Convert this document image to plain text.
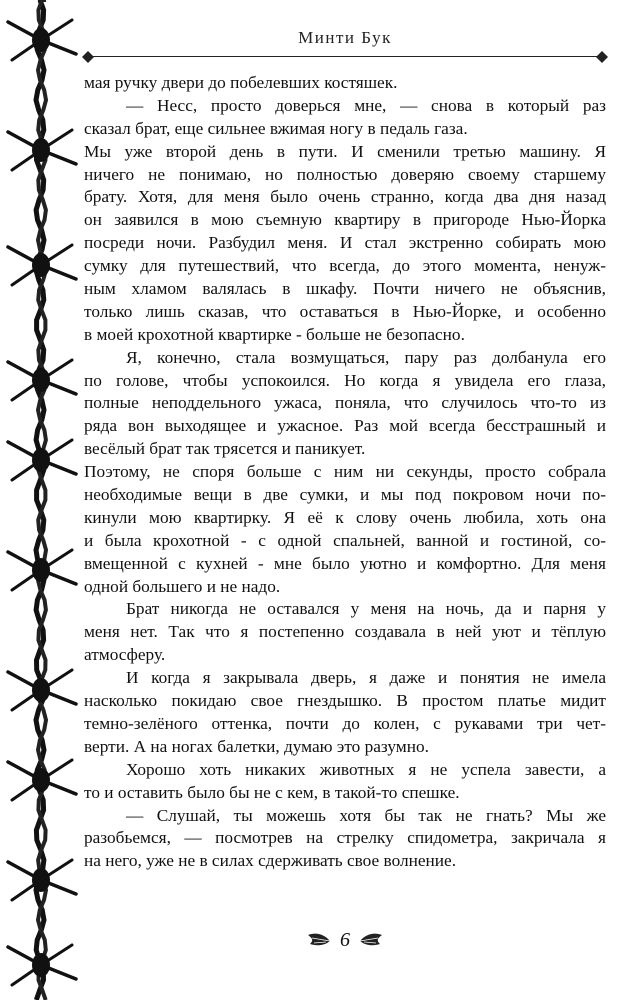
Минти Бук
мая ручку двери до побелевших костяшек.
— Несс, просто доверься мне, — снова в который раз
сказал брат, еще сильнее вжимая ногу в педаль газа.
Мы уже второй день в пути. И сменили третью машину. Я
ничего не понимаю, но полностью доверяю своему старшему
брату. Хотя, для меня было очень странно, когда два дня назад
он заявился в мою съемную квартиру в пригороде Нью-Йорка
посреди ночи. Разбудил меня. И стал экстренно собирать мою
сумку для путешествий, что всегда, до этого момента, ненуж-
ным хламом валялась в шкафу. Почти ничего не объяснив,
только лишь сказав, что оставаться в Нью-Йорке, и особенно
в моей крохотной квартирке - больше не безопасно.
Я, конечно, стала возмущаться, пару раз долбанула его
по голове, чтобы успокоился. Но когда я увидела его глаза,
полные неподдельного ужаса, поняла, что случилось что-то из
ряда вон выходящее и ужасное. Раз мой всегда бесстрашный и
весёлый брат так трясется и паникует.
Поэтому, не споря больше с ним ни секунды, просто собрала
необходимые вещи в две сумки, и мы под покровом ночи по-
кинули мою квартирку. Я её к слову очень любила, хоть она
и была крохотной - с одной спальней, ванной и гостиной, со-
вмещенной с кухней - мне было уютно и комфортно. Для меня
одной большего и не надо.
Брат никогда не оставался у меня на ночь, да и парня у
меня нет. Так что я постепенно создавала в ней уют и тёплую
атмосферу.
И когда я закрывала дверь, я даже и понятия не имела
насколько покидаю свое гнездышко. В простом платье мидит
темно-зелёного оттенка, почти до колен, с рукавами три чет-
верти. А на ногах балетки, думаю это разумно.
Хорошо хоть никаких животных я не успела завести, а
то и оставить было бы не с кем, в такой-то спешке.
— Слушай, ты можешь хотя бы так не гнать? Мы же
разобьемся, — посмотрев на стрелку спидометра, закричала я
на него, уже не в силах сдерживать свое волнение.
6
